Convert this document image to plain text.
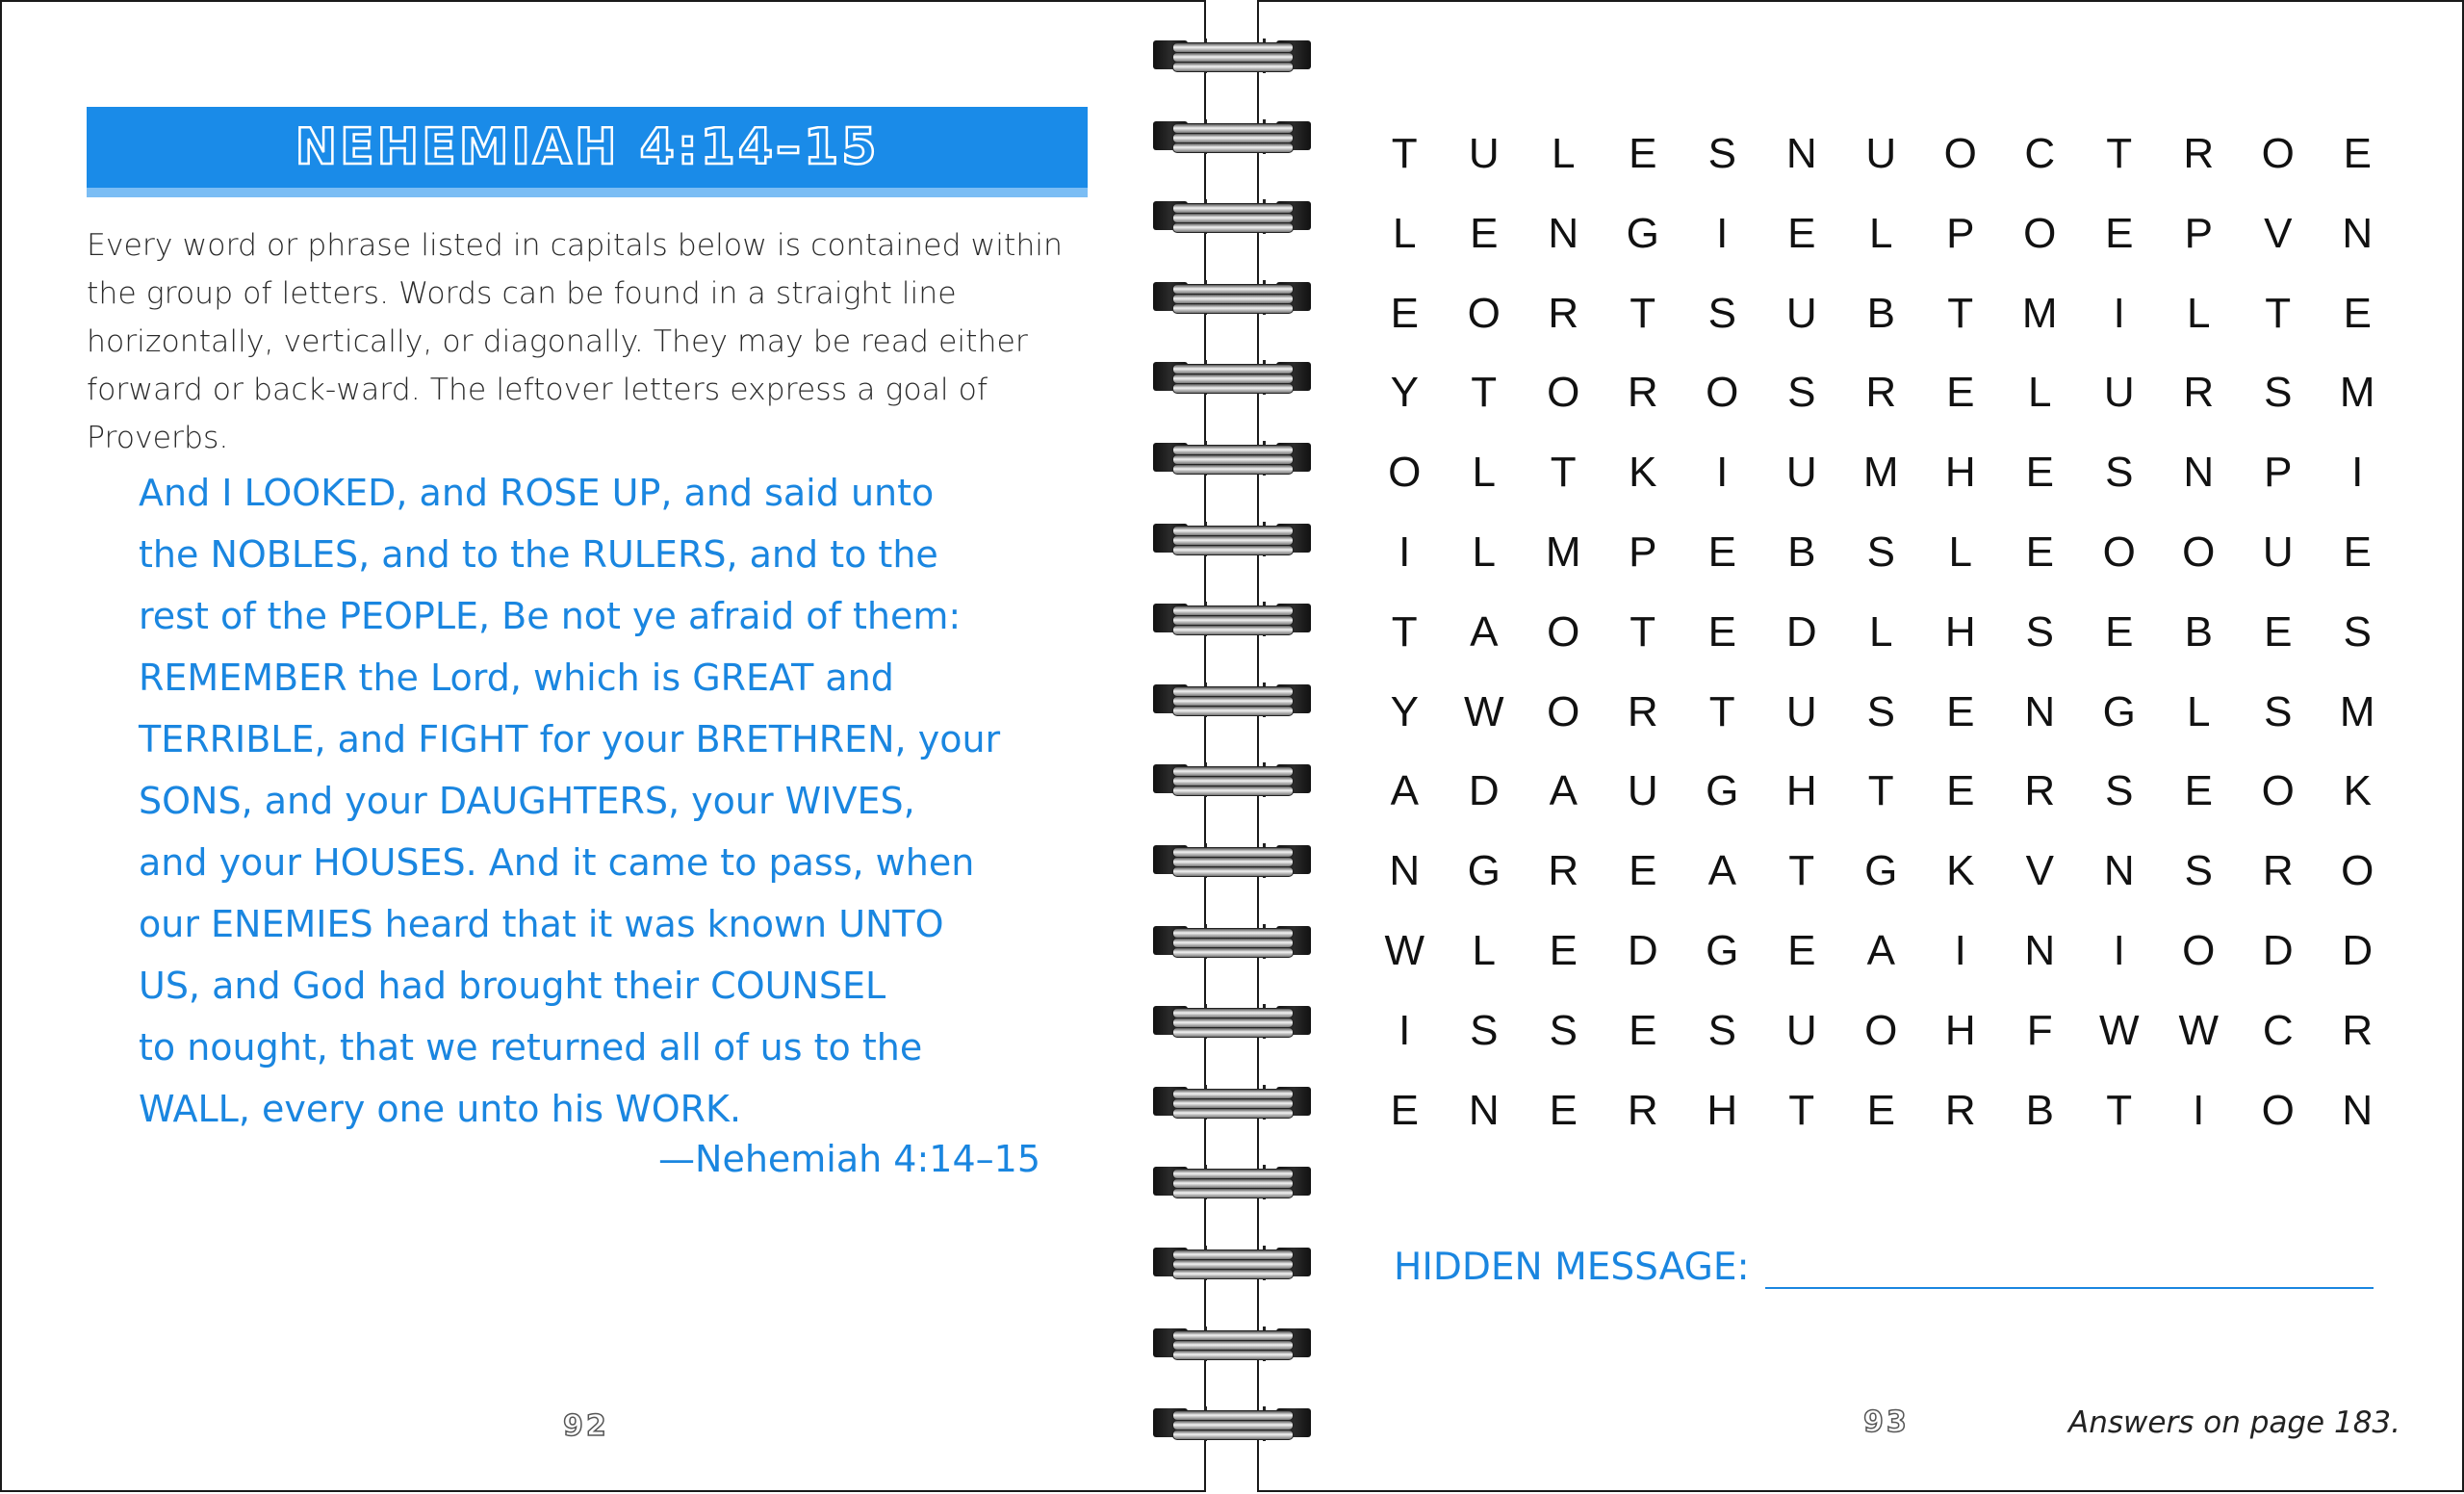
NEHEMIAH 4:14–15
Every word or phrase listed in capitals below is contained within the group of letters. Words can be found in a straight line horizontally, vertically, or diagonally. They may be read either forward or back-ward. The leftover letters express a goal of Proverbs.
And I LOOKED, and ROSE UP, and said unto
the NOBLES, and to the RULERS, and to the
rest of the PEOPLE, Be not ye afraid of them:
REMEMBER the Lord, which is GREAT and
TERRIBLE, and FIGHT for your BRETHREN, your
SONS, and your DAUGHTERS, your WIVES,
and your HOUSES. And it came to pass, when
our ENEMIES heard that it was known UNTO
US, and God had brought their COUNSEL
to nought, that we returned all of us to the
WALL, every one unto his WORK.
—Nehemiah 4:14–15
92
T	U	L	E	S	N	U	O	C	T	R	O	E
L	E	N	G	I	E	L	P	O	E	P	V	N
E	O	R	T	S	U	B	T	M	I	L	T	E
Y	T	O	R	O	S	R	E	L	U	R	S	M
O	L	T	K	I	U	M	H	E	S	N	P	I
I	L	M	P	E	B	S	L	E	O	O	U	E
T	A	O	T	E	D	L	H	S	E	B	E	S
Y	W	O	R	T	U	S	E	N	G	L	S	M
A	D	A	U	G	H	T	E	R	S	E	O	K
N	G	R	E	A	T	G	K	V	N	S	R	O
W	L	E	D	G	E	A	I	N	I	O	D	D
I	S	S	E	S	U	O	H	F	W W	C	R
E	N	E	R	H	T	E	R	B	T	I	O	N
HIDDEN MESSAGE:
93	Answers on page 183.
